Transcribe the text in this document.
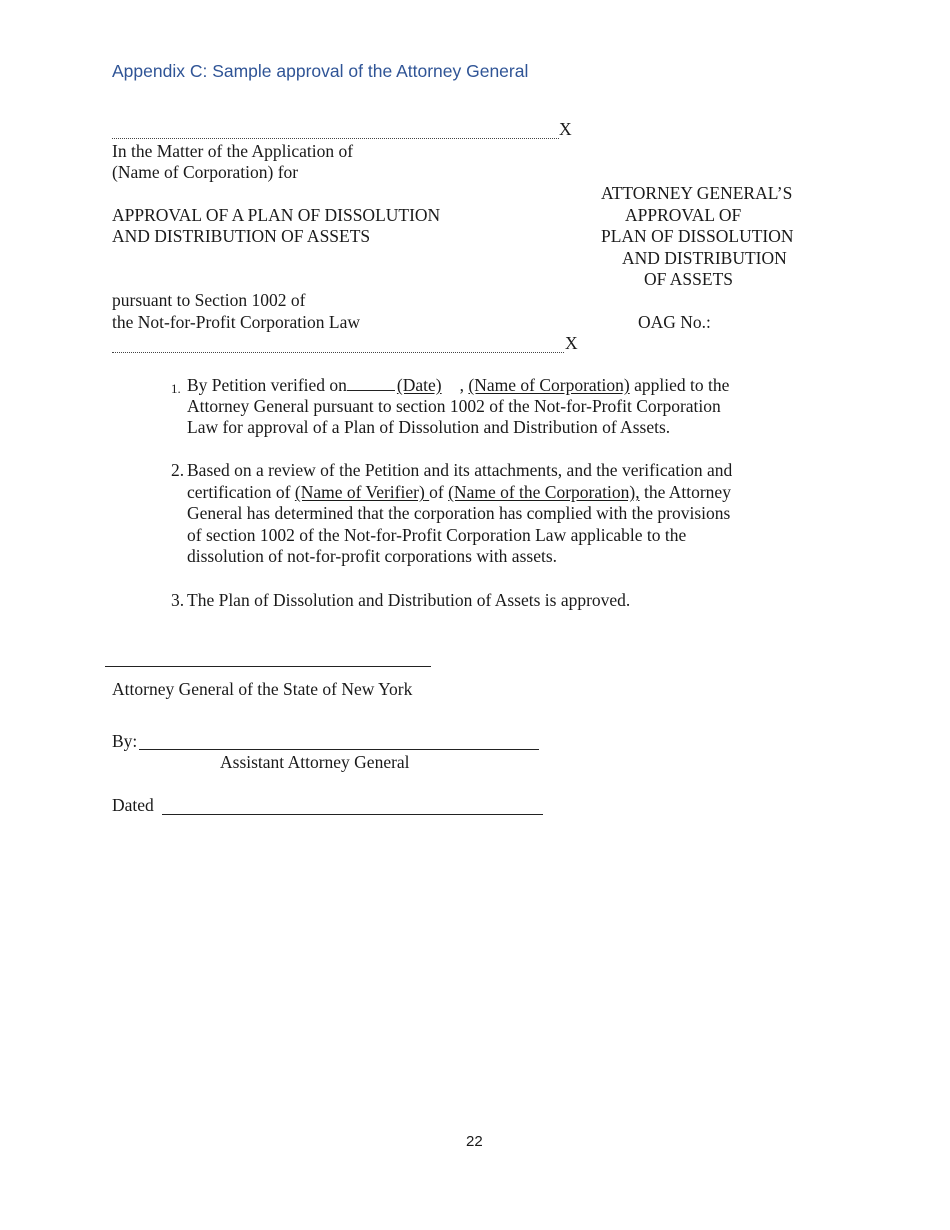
Appendix C: Sample approval of the Attorney General
X
In the Matter of the Application of
(Name of Corporation) for
APPROVAL OF A PLAN OF DISSOLUTION
AND DISTRIBUTION OF ASSETS
pursuant to Section 1002 of
the Not-for-Profit Corporation Law
ATTORNEY GENERAL’S
APPROVAL OF
PLAN OF DISSOLUTION
AND DISTRIBUTION
OF ASSETS
OAG No.:
X
1. By Petition verified on	(Date) , (Name of Corporation) applied to the
Attorney General pursuant to section 1002 of the Not-for-Profit Corporation
Law for approval of a Plan of Dissolution and Distribution of Assets.
2. Based on a review of the Petition and its attachments, and the verification and
certification of (Name of Verifier) of (Name of the Corporation), the Attorney
General has determined that the corporation has complied with the provisions
of section 1002 of the Not-for-Profit Corporation Law applicable to the
dissolution of not-for-profit corporations with assets.
3. The Plan of Dissolution and Distribution of Assets is approved.
Attorney General of the State of New York
By:
Assistant Attorney General
Dated
22
